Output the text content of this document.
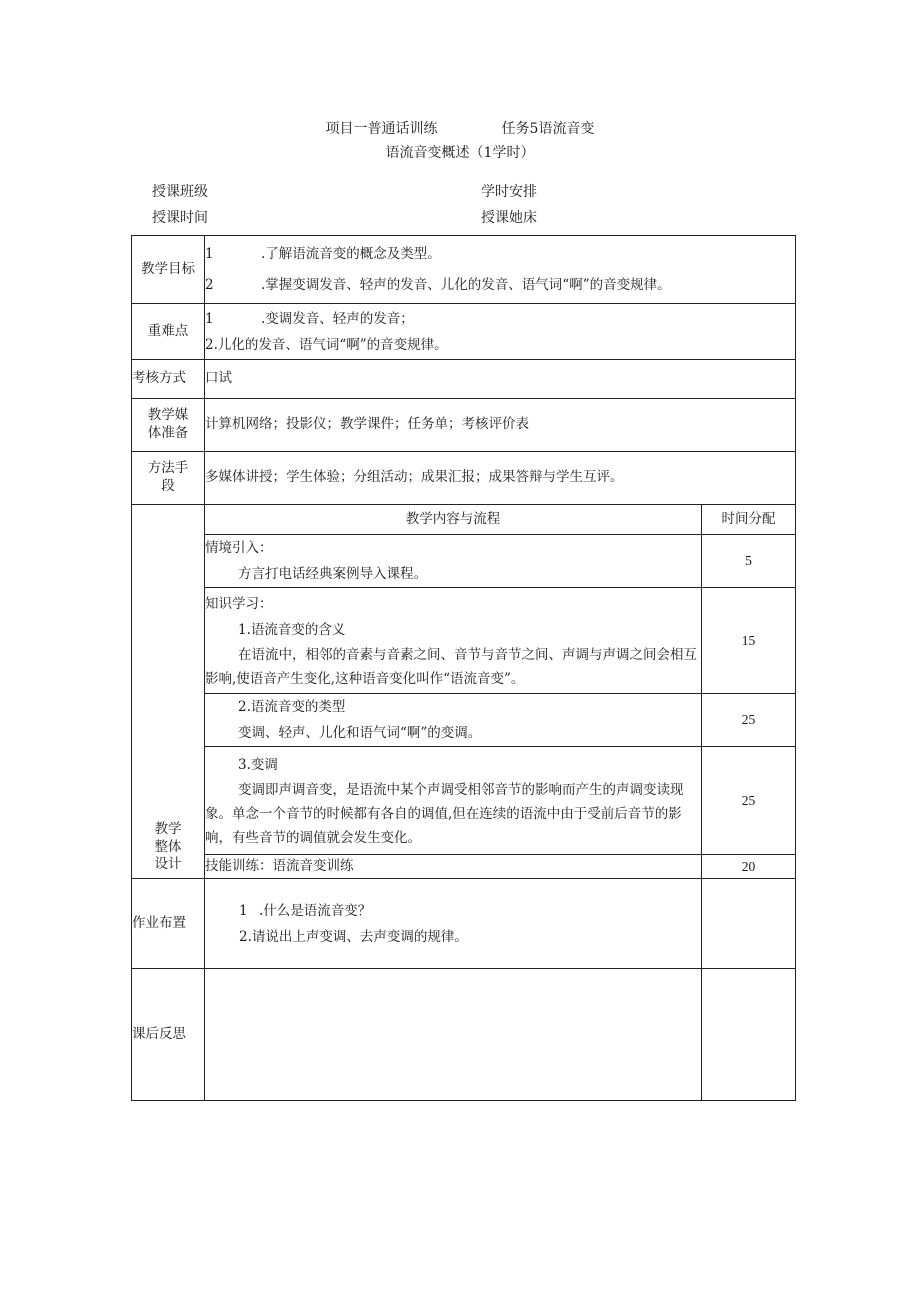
项目一普通话训练	任务5语流音变
语流音变概述（1学时）
授课班级	学时安排
授课时间	授课她床
教学目标	1 .了解语流音变的概念及类型。
2 .掌握变调发音、轻声的发音、儿化的发音、语气词“啊”的音变规律。	

重难点	1 .变调发音、轻声的发音；
2.儿化的发音、语气词“啊”的音变规律。	

考核方式	口试	

教学媒
体准备	计算机网络；投影仪；教学课件；任务单；考核评价表	

方法手
段	多媒体讲授；学生体验；分组活动；成果汇报；成果答辩与学生互评。	

教学
整体
设计	教学内容与流程	时间分配

	情境引入：
方言打电话经典案例导入课程。	5

	知识学习：
1.语流音变的含义
在语流中，相邻的音素与音素之间、音节与音节之间、声调与声调之间会相互影响,使语音产生变化,这种语音变化叫作“语流音变”。	15

	2.语流音变的类型
变调、轻声、儿化和语气词“啊”的变调。	25

	3.变调
变调即声调音变，是语流中某个声调受相邻音节的影响而产生的声调变读现象。单念一个音节的时候都有各自的调值,但在连续的语流中由于受前后音节的影响，有些音节的调值就会发生变化。	25
	技能训练：语流音变训练	20
作业布置	1 .什么是语流音变？
2.请说出上声变调、去声变调的规律。	

课后反思		
